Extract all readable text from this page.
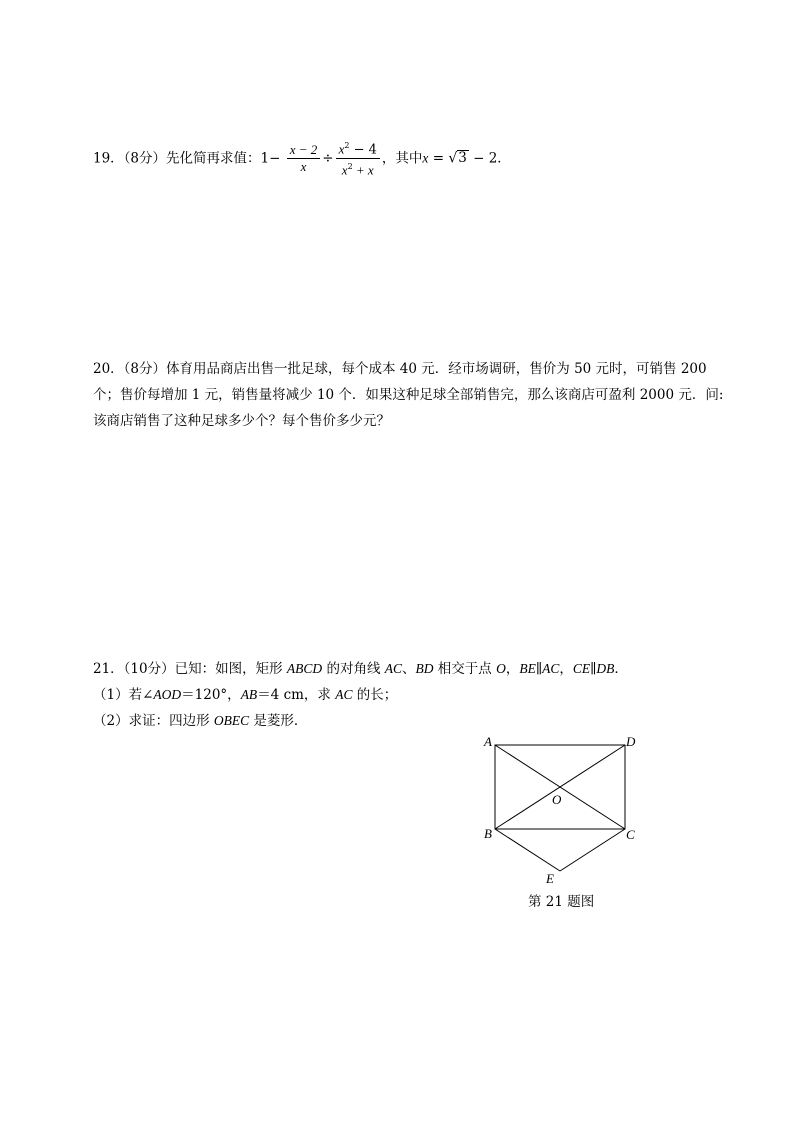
19．（8分）先化简再求值：$1- \frac{x - 2}{x} \div \frac{x^2 - 4}{x^2 + x}$ ，其中x = √3 − 2．
20．（8分）体育用品商店出售一批足球，每个成本 40 元．经市场调研，售价为 50 元时，可销售 200
个；售价每增加 1 元，销售量将减少 10 个．如果这种足球全部销售完，那么该商店可盈利 2000 元．问:
该商店销售了这种足球多少个？每个售价多少元？
21．（10分）已知：如图，矩形 ABCD 的对角线 AC、BD 相交于点 O，BE∥AC，CE∥DB．
（1）若∠AOD＝120°，AB＝4 cm，求 AC 的长；
（2）求证：四边形 OBEC 是菱形．
A	D
B	C
O
E
第 21 题图
